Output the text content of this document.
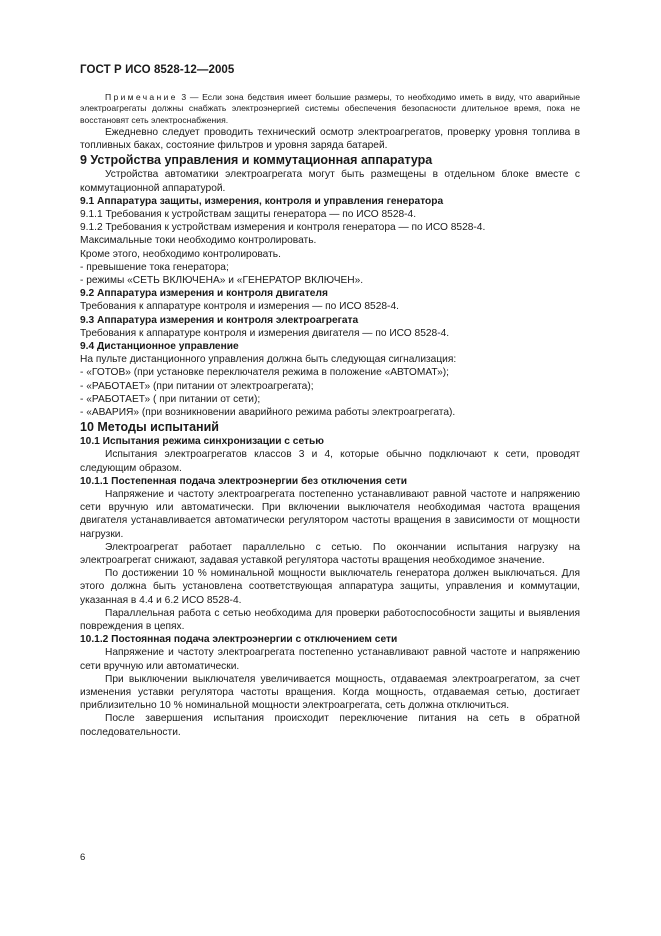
ГОСТ Р ИСО 8528-12—2005

Примечание 3 — Если зона бедствия имеет большие размеры, то необходимо иметь в виду, что аварийные электроагрегаты должны снабжать электроэнергией системы обеспечения безопасности длительное время, пока не восстановят сеть электроснабжения.

Ежедневно следует проводить технический осмотр электроагрегатов, проверку уровня топлива в топливных баках, состояние фильтров и уровня заряда батарей.

9 Устройства управления и коммутационная аппаратура

Устройства автоматики электроагрегата могут быть размещены в отдельном блоке вместе с коммутационной аппаратурой.

9.1 Аппаратура защиты, измерения, контроля и управления генератора

9.1.1 Требования к устройствам защиты генератора — по ИСО 8528-4.

9.1.2 Требования к устройствам измерения и контроля генератора — по ИСО 8528-4.

Максимальные токи необходимо контролировать.

Кроме этого, необходимо контролировать.

- превышение тока генератора;

- режимы «СЕТЬ ВКЛЮЧЕНА» и «ГЕНЕРАТОР ВКЛЮЧЕН».

9.2 Аппаратура измерения и контроля двигателя

Требования к аппаратуре контроля и измерения — по ИСО 8528-4.

9.3 Аппаратура измерения и контроля электроагрегата

Требования к аппаратуре контроля и измерения двигателя — по ИСО 8528-4.

9.4 Дистанционное управление

На пульте дистанционного управления должна быть следующая сигнализация:

- «ГОТОВ» (при установке переключателя режима в положение «АВТОМАТ»);

- «РАБОТАЕТ» (при питании от электроагрегата);

- «РАБОТАЕТ» ( при питании от сети);

- «АВАРИЯ» (при возникновении аварийного режима работы электроагрегата).

10 Методы испытаний

10.1 Испытания режима синхронизации с сетью

Испытания электроагрегатов классов 3 и 4, которые обычно подключают к сети, проводят следующим образом.

10.1.1 Постепенная подача электроэнергии без отключения сети

Напряжение и частоту электроагрегата постепенно устанавливают равной частоте и напряжению сети вручную или автоматически. При включении выключателя необходимая частота вращения двигателя устанавливается автоматически регулятором частоты вращения в зависимости от мощности нагрузки.

Электроагрегат работает параллельно с сетью. По окончании испытания нагрузку на электроагрегат снижают, задавая уставкой регулятора частоты вращения необходимое значение.

По достижении 10 % номинальной мощности выключатель генератора должен выключаться. Для этого должна быть установлена соответствующая аппаратура защиты, управления и коммутации, указанная в 4.4 и 6.2 ИСО 8528-4.

Параллельная работа с сетью необходима для проверки работоспособности защиты и выявления повреждения в цепях.

10.1.2 Постоянная подача электроэнергии с отключением сети

Напряжение и частоту электроагрегата постепенно устанавливают равной частоте и напряжению сети вручную или автоматически.

При выключении выключателя увеличивается мощность, отдаваемая электроагрегатом, за счет изменения уставки регулятора частоты вращения. Когда мощность, отдаваемая сетью, достигает приблизительно 10 % номинальной мощности электроагрегата, сеть должна отключиться.

После завершения испытания происходит переключение питания на сеть в обратной последовательности.

6
